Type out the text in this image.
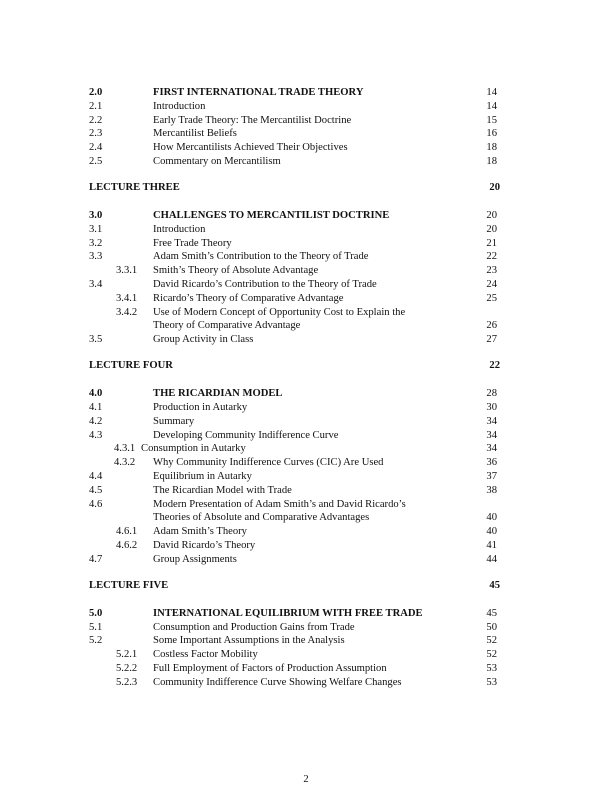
2.0	FIRST INTERNATIONAL TRADE THEORY	14
2.1	Introduction	14
2.2	Early Trade Theory: The Mercantilist Doctrine	15
2.3	Mercantilist Beliefs	16
2.4	How Mercantilists Achieved Their Objectives	18
2.5	Commentary on Mercantilism	18
LECTURE THREE	20
3.0	CHALLENGES TO MERCANTILIST DOCTRINE	20
3.1	Introduction	20
3.2	Free Trade Theory	21
3.3	Adam Smith’s Contribution to the Theory of Trade	22
3.3.1 Smith’s Theory of Absolute Advantage	23
3.4	David Ricardo’s Contribution to the Theory of Trade	24
3.4.1 Ricardo’s Theory of Comparative Advantage	25
3.4.2 Use of Modern Concept of Opportunity Cost to Explain the
Theory of Comparative Advantage	26
3.5	Group Activity in Class	27
LECTURE FOUR	22
4.0	THE RICARDIAN MODEL	28
4.1	Production in Autarky	30
4.2	Summary	34
4.3	Developing Community Indifference Curve	34
4.3.1 Consumption in Autarky	34
4.3.2 Why Community Indifference Curves (CIC) Are Used	36
4.4	Equilibrium in Autarky	37
4.5	The Ricardian Model with Trade	38
4.6	Modern Presentation of Adam Smith’s and David Ricardo’s
Theories of Absolute and Comparative Advantages	40
4.6.1 Adam Smith’s Theory	40
4.6.2 David Ricardo’s Theory	41
4.7	Group Assignments	44
LECTURE FIVE	45
5.0	INTERNATIONAL EQUILIBRIUM WITH FREE TRADE	45
5.1	Consumption and Production Gains from Trade	50
5.2	Some Important Assumptions in the Analysis	52
5.2.1 Costless Factor Mobility	52
5.2.2 Full Employment of Factors of Production Assumption	53
5.2.3 Community Indifference Curve Showing Welfare Changes	53
2
